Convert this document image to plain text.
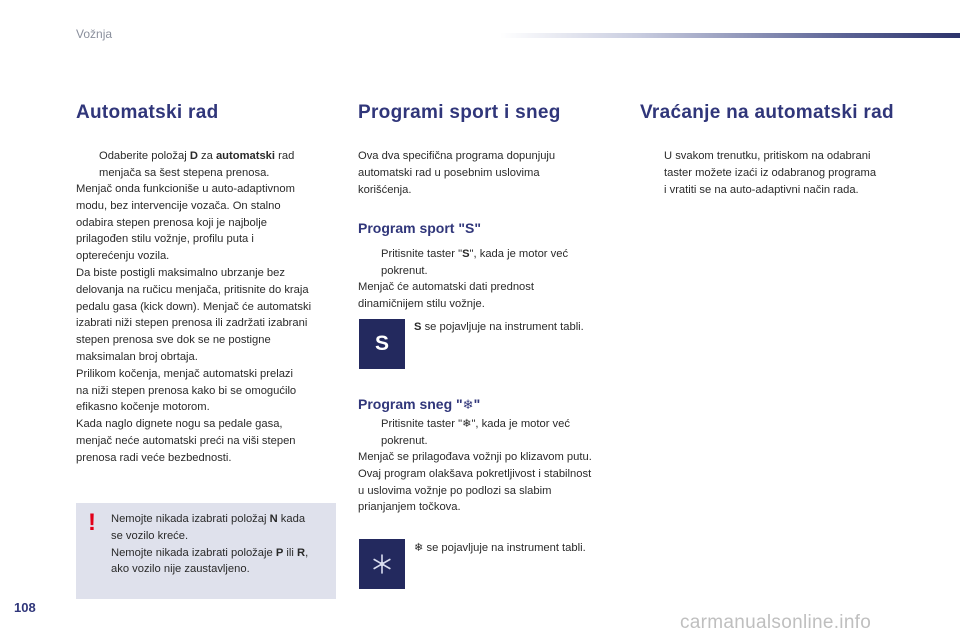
Vožnja
Automatski rad
Odaberite položaj D za automatski rad
menjača sa šest stepena prenosa.
Menjač onda funkcioniše u auto-adaptivnom
modu, bez intervencije vozača. On stalno
odabira stepen prenosa koji je najbolje
prilagođen stilu vožnje, profilu puta i
opterećenju vozila.
Da biste postigli maksimalno ubrzanje bez
delovanja na ručicu menjača, pritisnite do kraja
pedalu gasa (kick down). Menjač će automatski
izabrati niži stepen prenosa ili zadržati izabrani
stepen prenosa sve dok se ne postigne
maksimalan broj obrtaja.
Prilikom kočenja, menjač automatski prelazi
na niži stepen prenosa kako bi se omogućilo
efikasno kočenje motorom.
Kada naglo dignete nogu sa pedale gasa,
menjač neće automatski preći na viši stepen
prenosa radi veće bezbednosti.
!	Nemojte nikada izabrati položaj N kada
se vozilo kreće.
Nemojte nikada izabrati položaje P ili R,
ako vozilo nije zaustavljeno.
Programi sport i sneg
Ova dva specifična programa dopunjuju
automatski rad u posebnim uslovima
korišćenja.
Program sport "S"
Pritisnite taster "S", kada je motor već
pokrenut.
Menjač će automatski dati prednost
dinamičnijem stilu vožnje.
S
S se pojavljuje na instrument tabli.
Program sneg "❄"
Pritisnite taster "❄", kada je motor već
pokrenut.
Menjač se prilagođava vožnji po klizavom putu.
Ovaj program olakšava pokretljivost i stabilnost
u uslovima vožnje po podlozi sa slabim
prianjanjem točkova.
❄ se pojavljuje na instrument tabli.
Vraćanje na automatski rad
U svakom trenutku, pritiskom na odabrani
taster možete izaći iz odabranog programa
i vratiti se na auto-adaptivni način rada.
108
carmanualsonline.info
